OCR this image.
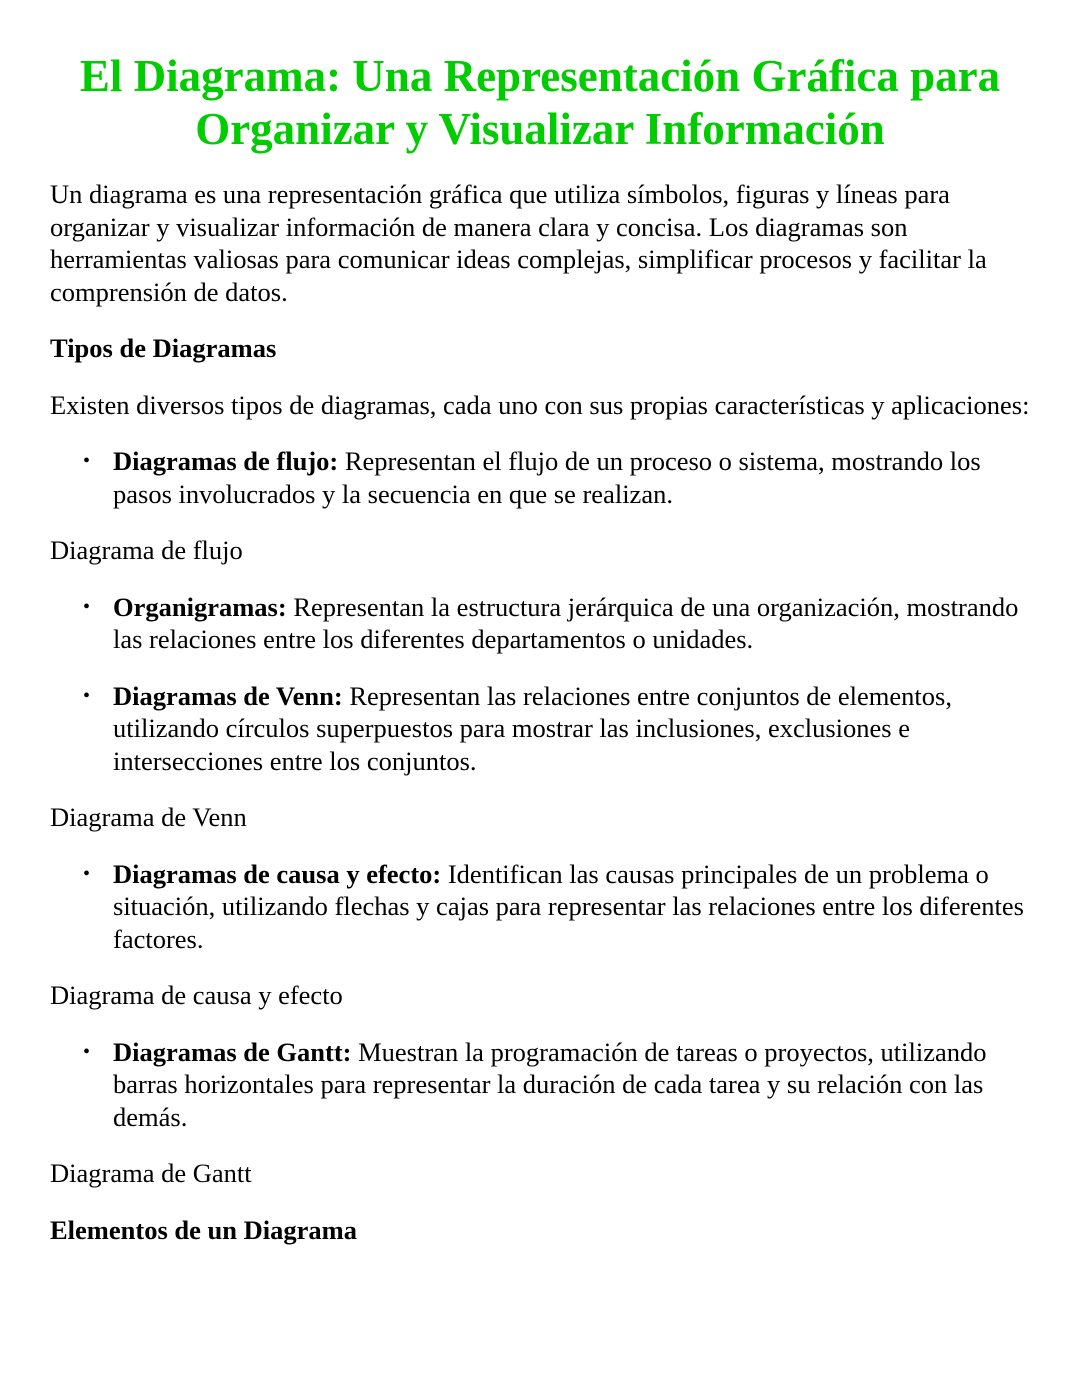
El Diagrama: Una Representación Gráfica para Organizar y Visualizar Información

Un diagrama es una representación gráfica que utiliza símbolos, figuras y líneas para organizar y visualizar información de manera clara y concisa. Los diagramas son herramientas valiosas para comunicar ideas complejas, simplificar procesos y facilitar la comprensión de datos.

Tipos de Diagramas

Existen diversos tipos de diagramas, cada uno con sus propias características y aplicaciones:

• Diagramas de flujo: Representan el flujo de un proceso o sistema, mostrando los pasos involucrados y la secuencia en que se realizan.
Diagrama de flujo
• Organigramas: Representan la estructura jerárquica de una organización, mostrando las relaciones entre los diferentes departamentos o unidades.
• Diagramas de Venn: Representan las relaciones entre conjuntos de elementos, utilizando círculos superpuestos para mostrar las inclusiones, exclusiones e intersecciones entre los conjuntos.
Diagrama de Venn
• Diagramas de causa y efecto: Identifican las causas principales de un problema o situación, utilizando flechas y cajas para representar las relaciones entre los diferentes factores.
Diagrama de causa y efecto
• Diagramas de Gantt: Muestran la programación de tareas o proyectos, utilizando barras horizontales para representar la duración de cada tarea y su relación con las demás.
Diagrama de Gantt
Elementos de un Diagrama
